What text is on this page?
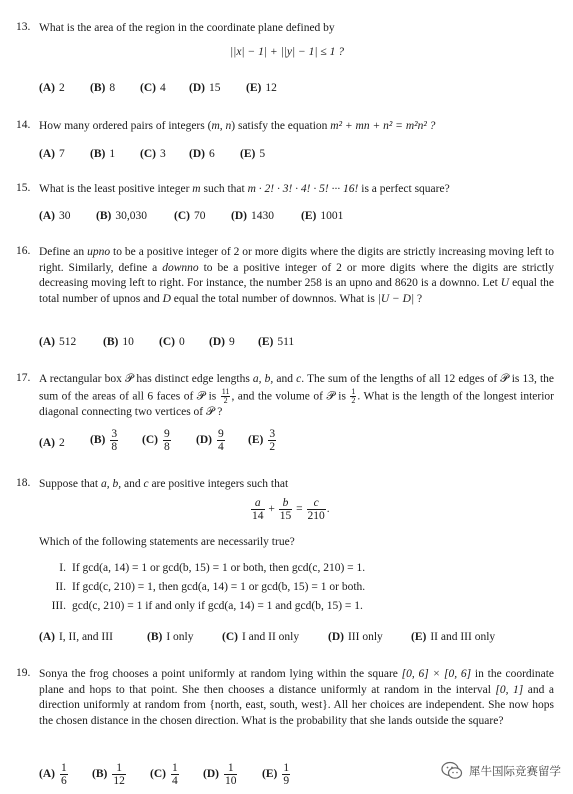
13. What is the area of the region in the coordinate plane defined by
||x| − 1| + ||y| − 1| ≤ 1 ?
(A) 2 (B) 8 (C) 4 (D) 15 (E) 12
14. How many ordered pairs of integers (m, n) satisfy the equation m² + mn + n² = m²n² ?
(A) 7 (B) 1 (C) 3 (D) 6 (E) 5
15. What is the least positive integer m such that m · 2! · 3! · 4! · 5! ··· 16! is a perfect square?
(A) 30 (B) 30,030 (C) 70 (D) 1430 (E) 1001
16. Define an upno to be a positive integer of 2 or more digits where the digits are strictly increasing moving left to right. Similarly, define a downno to be a positive integer of 2 or more digits where the digits are strictly decreasing moving left to right. For instance, the number 258 is an upno and 8620 is a downno. Let U equal the total number of upnos and D equal the total number of downnos. What is |U − D| ?
(A) 512 (B) 10 (C) 0 (D) 9 (E) 511
17. A rectangular box 𝒫 has distinct edge lengths a, b, and c. The sum of the lengths of all 12 edges of 𝒫 is 13, the sum of the areas of all 6 faces of 𝒫 is $\frac{11}{2}$ , and the volume of 𝒫 is $\frac{1}{2}$ . What is the length of the longest interior diagonal connecting two vertices of 𝒫 ?
(A) 2 $(B) \frac{3}{8} (C) \frac{9}{8} (D) \frac{9}{4} (E) \frac{3}{2}$
18. Suppose that a, b, and c are positive integers such that
$\frac{a}{14} + \frac{b}{15} = \frac{c}{210}$ .
Which of the following statements are necessarily true?
I. If gcd(a, 14) = 1 or gcd(b, 15) = 1 or both, then gcd(c, 210) = 1.
II. If gcd(c, 210) = 1, then gcd(a, 14) = 1 or gcd(b, 15) = 1 or both.
III. gcd(c, 210) = 1 if and only if gcd(a, 14) = 1 and gcd(b, 15) = 1.
(A) I, II, and III	(B) I only (C) I and II only	(D) III only (E) II and III only
19. Sonya the frog chooses a point uniformly at random lying within the square [0, 6] × [0, 6] in the coordinate plane and hops to that point. She then chooses a distance uniformly at random in the interval [0, 1] and a direction uniformly at random from {north, east, south, west}. All her choices are independent. She now hops the chosen distance in the chosen direction. What is the probability that she lands outside the square?
$(A) \frac{1}{6} (B) \frac{1}{12} (C) \frac{1}{4} (D) \frac{1}{10} (E) \frac{1}{9}$	犀牛国际竞赛留学
